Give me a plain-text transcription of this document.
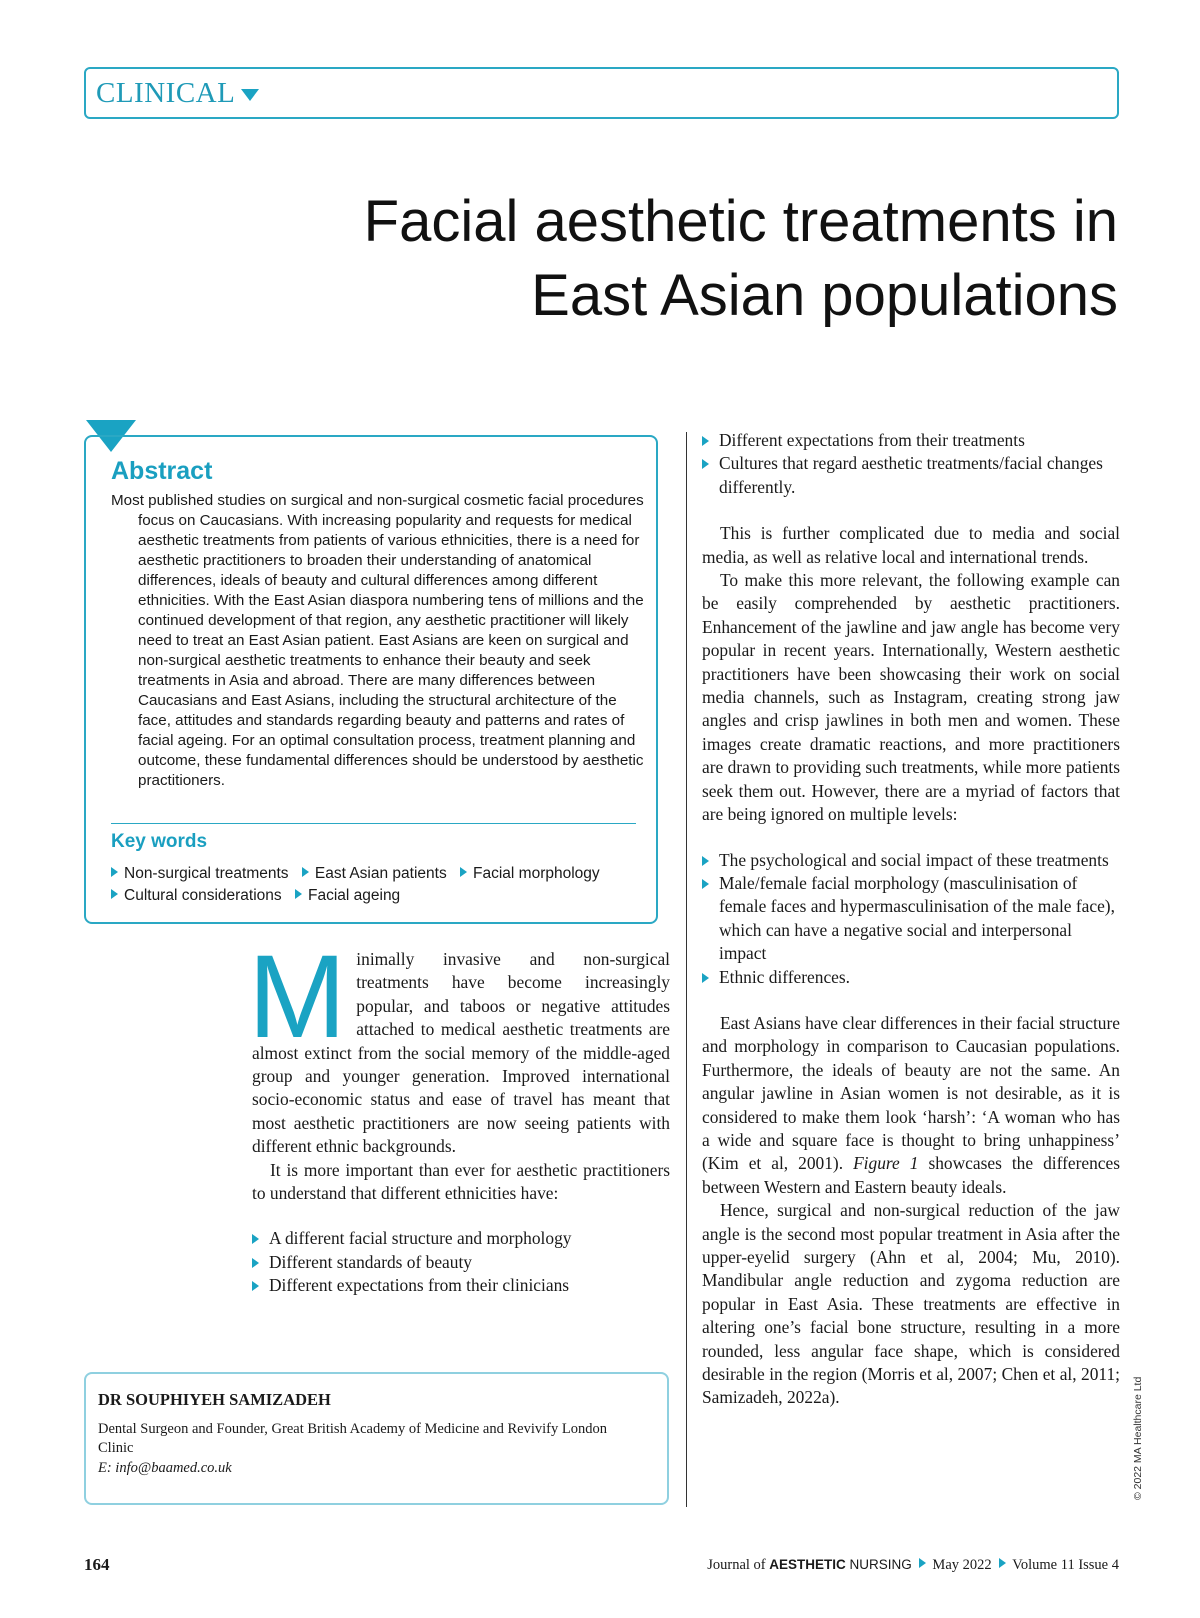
CLINICAL
Facial aesthetic treatments in
East Asian populations
Abstract

Most published studies on surgical and non-surgical cosmetic facial procedures focus on Caucasians. With increasing popularity and requests for medical aesthetic treatments from patients of various ethnicities, there is a need for aesthetic practitioners to broaden their understanding of anatomical differences, ideals of beauty and cultural differences among different ethnicities. With the East Asian diaspora numbering tens of millions and the continued development of that region, any aesthetic practitioner will likely need to treat an East Asian patient. East Asians are keen on surgical and non-surgical aesthetic treatments to enhance their beauty and seek treatments in Asia and abroad. There are many differences between Caucasians and East Asians, including the structural architecture of the face, attitudes and standards regarding beauty and patterns and rates of facial ageing. For an optimal consultation process, treatment planning and outcome, these fundamental differences should be understood by aesthetic practitioners.

Key words
Non-surgical treatments East Asian patients Facial morphology
Cultural considerations Facial ageing

Minimally invasive and non-surgical treatments have become increasingly popular, and taboos or negative attitudes attached to medical aesthetic treatments are almost extinct from the social memory of the middle-aged group and younger generation. Improved international socio-economic status and ease of travel has meant that most aesthetic practitioners are now seeing patients with different ethnic backgrounds.

It is more important than ever for aesthetic practitioners to understand that different ethnicities have:

A different facial structure and morphology
Different standards of beauty
Different expectations from their clinicians
DR SOUPHIYEH SAMIZADEH
Dental Surgeon and Founder, Great British Academy of Medicine and Revivify London Clinic
E: info@baamed.co.uk
Different expectations from their treatments
Cultures that regard aesthetic treatments/facial changes differently.

This is further complicated due to media and social media, as well as relative local and international trends.

To make this more relevant, the following example can be easily comprehended by aesthetic practitioners. Enhancement of the jawline and jaw angle has become very popular in recent years. Internationally, Western aesthetic practitioners have been showcasing their work on social media channels, such as Instagram, creating strong jaw angles and crisp jawlines in both men and women. These images create dramatic reactions, and more practitioners are drawn to providing such treatments, while more patients seek them out. However, there are a myriad of factors that are being ignored on multiple levels:

The psychological and social impact of these treatments
Male/female facial morphology (masculinisation of female faces and hypermasculinisation of the male face), which can have a negative social and interpersonal impact
Ethnic differences.

East Asians have clear differences in their facial structure and morphology in comparison to Caucasian populations. Furthermore, the ideals of beauty are not the same. An angular jawline in Asian women is not desirable, as it is considered to make them look ‘harsh’: ‘A woman who has a wide and square face is thought to bring unhappiness’ (Kim et al, 2001). Figure 1 showcases the differences between Western and Eastern beauty ideals.

Hence, surgical and non-surgical reduction of the jaw angle is the second most popular treatment in Asia after the upper-eyelid surgery (Ahn et al, 2004; Mu, 2010). Mandibular angle reduction and zygoma reduction are popular in East Asia. These treatments are effective in altering one’s facial bone structure, resulting in a more rounded, less angular face shape, which is considered desirable in the region (Morris et al, 2007; Chen et al, 2011; Samizadeh, 2022a).	© 2022 MA Healthcare Ltd
164	Journal of AESTHETIC NURSING May 2022 Volume 11 Issue 4
